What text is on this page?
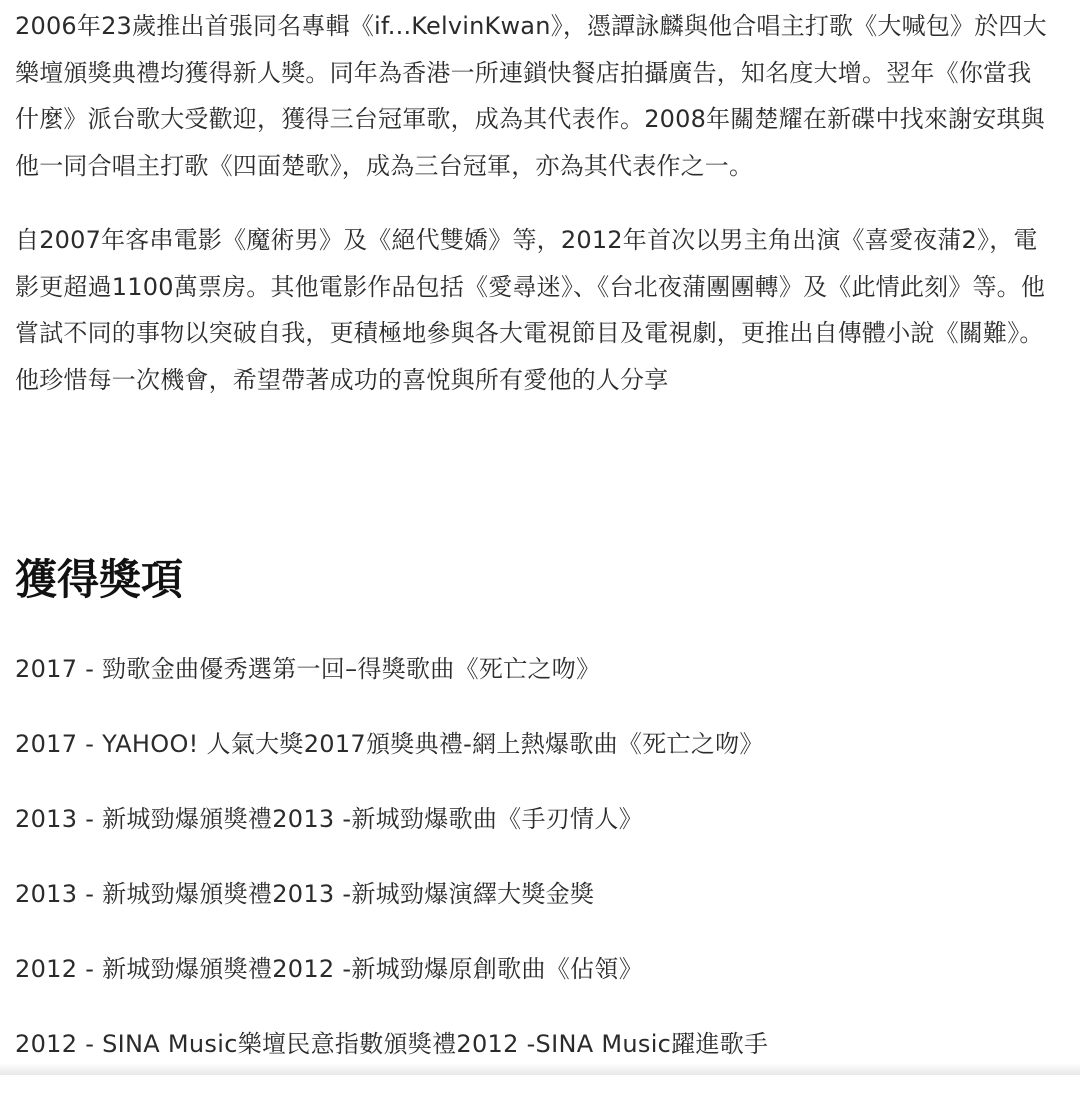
2006年23歲推出首張同名專輯《if...KelvinKwan》，憑譚詠麟與他合唱主打歌《大喊包》於四大樂壇頒獎典禮均獲得新人獎。同年為香港一所連鎖快餐店拍攝廣告，知名度大增。翌年《你當我什麼》派台歌大受歡迎，獲得三台冠軍歌，成為其代表作。2008年關楚耀在新碟中找來謝安琪與他一同合唱主打歌《四面楚歌》，成為三台冠軍，亦為其代表作之一。

自2007年客串電影《魔術男》及《絕代雙嬌》等，2012年首次以男主角出演《喜愛夜蒲2》，電影更超過1100萬票房。其他電影作品包括《愛尋迷》、《台北夜蒲團團轉》及《此情此刻》等。他嘗試不同的事物以突破自我，更積極地參與各大電視節目及電視劇，更推出自傳體小說《關難》。他珍惜每一次機會，希望帶著成功的喜悅與所有愛他的人分享

獲得獎項
2017 - 勁歌金曲優秀選第一回–得獎歌曲《死亡之吻》
2017 - YAHOO! 人氣大獎2017頒獎典禮-網上熱爆歌曲《死亡之吻》
2013 - 新城勁爆頒獎禮2013 -新城勁爆歌曲《手刃情人》
2013 - 新城勁爆頒獎禮2013 -新城勁爆演繹大獎金獎
2012 - 新城勁爆頒獎禮2012 -新城勁爆原創歌曲《佔領》
2012 - SINA Music樂壇民意指數頒獎禮2012 -SINA Music躍進歌手
